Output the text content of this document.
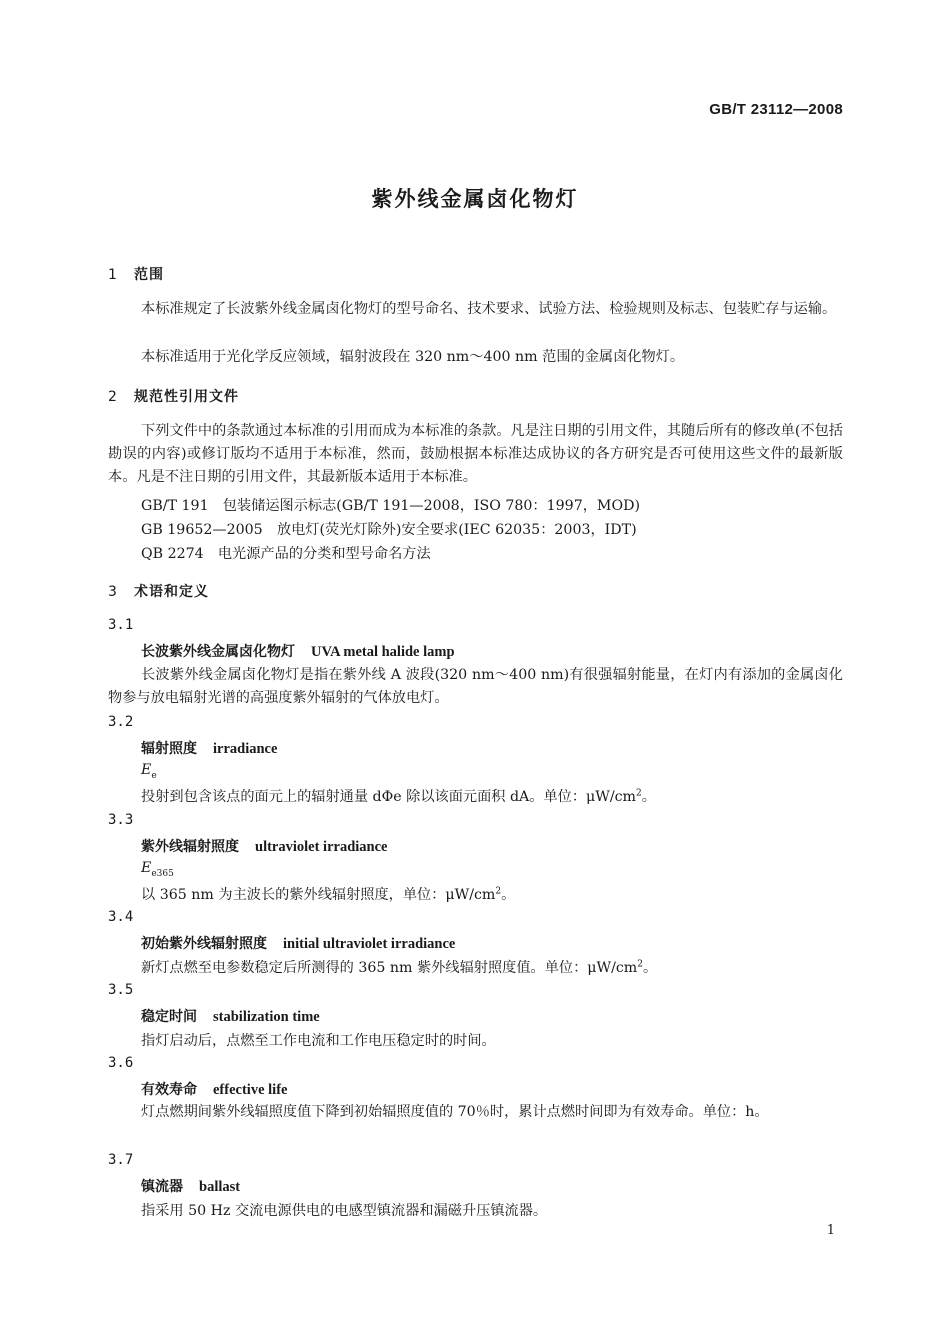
GB/T 23112—2008
紫外线金属卤化物灯
1 范围
本标准规定了长波紫外线金属卤化物灯的型号命名、技术要求、试验方法、检验规则及标志、包装贮存与运输。
本标准适用于光化学反应领域，辐射波段在 320 nm～400 nm 范围的金属卤化物灯。
2 规范性引用文件
下列文件中的条款通过本标准的引用而成为本标准的条款。凡是注日期的引用文件，其随后所有的修改单(不包括勘误的内容)或修订版均不适用于本标准，然而，鼓励根据本标准达成协议的各方研究是否可使用这些文件的最新版本。凡是不注日期的引用文件，其最新版本适用于本标准。
GB/T 191　包装储运图示标志(GB/T 191—2008，ISO 780：1997，MOD)
GB 19652—2005　放电灯(荧光灯除外)安全要求(IEC 62035：2003，IDT)
QB 2274　电光源产品的分类和型号命名方法
3 术语和定义
3.1
长波紫外线金属卤化物灯 UVA metal halide lamp
长波紫外线金属卤化物灯是指在紫外线 A 波段(320 nm～400 nm)有很强辐射能量，在灯内有添加的金属卤化物参与放电辐射光谱的高强度紫外辐射的气体放电灯。
3.2
辐射照度 irradiance
$E_e$
投射到包含该点的面元上的辐射通量 dΦe 除以该面元面积 dA。单位：$\mu W/cm^2$。
3.3
紫外线辐射照度 ultraviolet irradiance
$E_{e365}$
以 365 nm 为主波长的紫外线辐射照度，单位：$\mu W/cm^2$。
3.4
初始紫外线辐射照度 initial ultraviolet irradiance
新灯点燃至电参数稳定后所测得的 365 nm 紫外线辐射照度值。单位：$\mu W/cm^2$。
3.5
稳定时间 stabilization time
指灯启动后，点燃至工作电流和工作电压稳定时的时间。
3.6
有效寿命 effective life
灯点燃期间紫外线辐照度值下降到初始辐照度值的 70％时，累计点燃时间即为有效寿命。单位：h。
3.7
镇流器 ballast
指采用 50 Hz 交流电源供电的电感型镇流器和漏磁升压镇流器。
1
